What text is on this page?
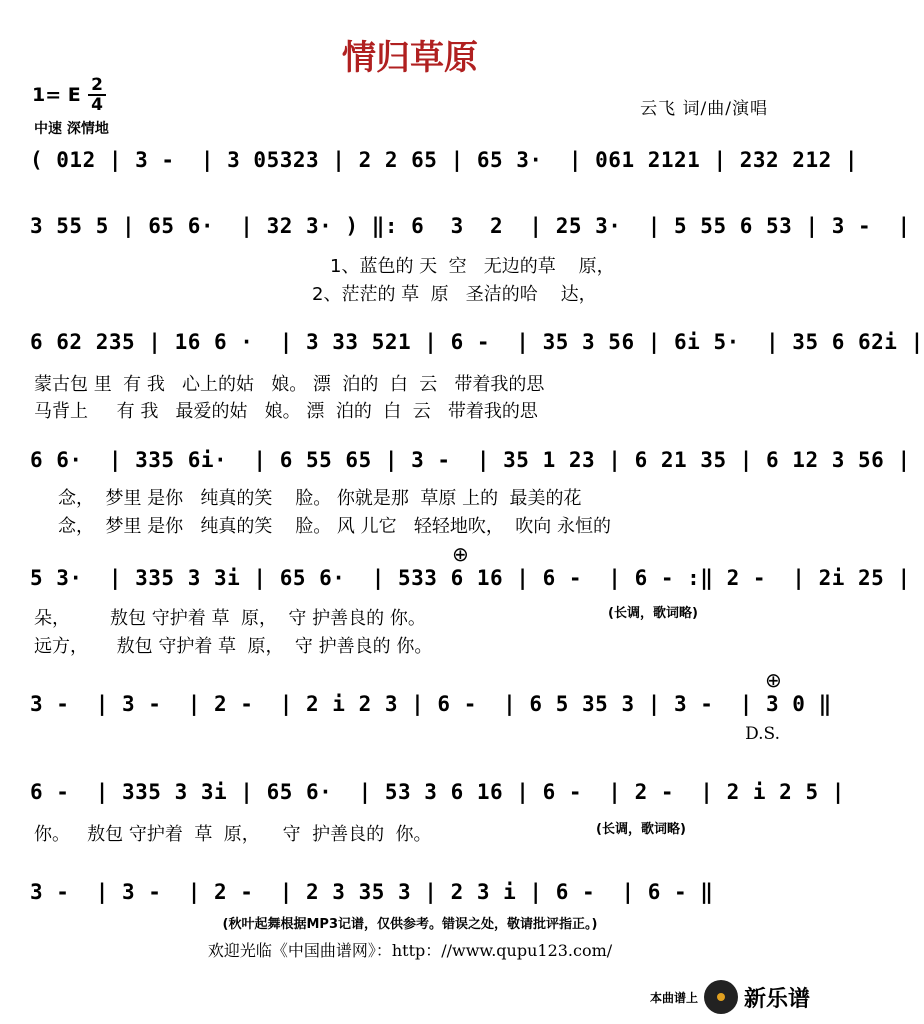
情归草原
1= E 2
4
中速 深情地
云飞 词/曲/演唱
( 012 | 3 -  | 3 05323 | 2 2 65 | 65 3·  | 061 2121 | 232 212 |
3 55 5 | 65 6·  | 32 3· ) ‖: 6  3  2  | 25 3·  | 5 55 6 53 | 3 -  |
1、蓝色的 天  空   无边的草    原，
2、茫茫的 草  原   圣洁的哈    达，
6 62 235 | 16 6 ·  | 3 33 521 | 6 -  | 35 3 56 | 6i 5·  | 35 6 62i |
蒙古包 里  有 我   心上的姑   娘。 漂  泊的  白  云   带着我的思
马背上     有 我   最爱的姑   娘。 漂  泊的  白  云   带着我的思
6 6·  | 335 6i·  | 6 55 65 | 3 -  | 35 1 23 | 6 21 35 | 6 12 3 56 |
念，  梦里 是你   纯真的笑    脸。 你就是那  草原 上的  最美的花
念，  梦里 是你   纯真的笑    脸。 风 儿它   轻轻地吹，  吹向 永恒的
⊕
5 3·  | 335 3 3i | 65 6·  | 533 6 16 | 6 -  | 6 - :‖ 2 -  | 2i 25 |
(长调，歌词略)
朵，       敖包 守护着 草  原，  守 护善良的 你。
远方，     敖包 守护着 草  原，  守 护善良的 你。
⊕
3 -  | 3 -  | 2 -  | 2 i 2 3 | 6 -  | 6 5 35 3 | 3 -  | 3 0 ‖
D.S.
6 -  | 335 3 3i | 65 6·  | 53 3 6 16 | 6 -  | 2 -  | 2 i 2 5 |
你。   敖包 守护着  草  原，    守  护善良的  你。	(长调，歌词略)
3 -  | 3 -  | 2 -  | 2 3 35 3 | 2 3 i | 6 -  | 6 - ‖
(秋叶起舞根据MP3记谱，仅供参考。错误之处，敬请批评指正。)
欢迎光临《中国曲谱网》：http：//www.qupu123.com/
本曲谱上 新乐谱
